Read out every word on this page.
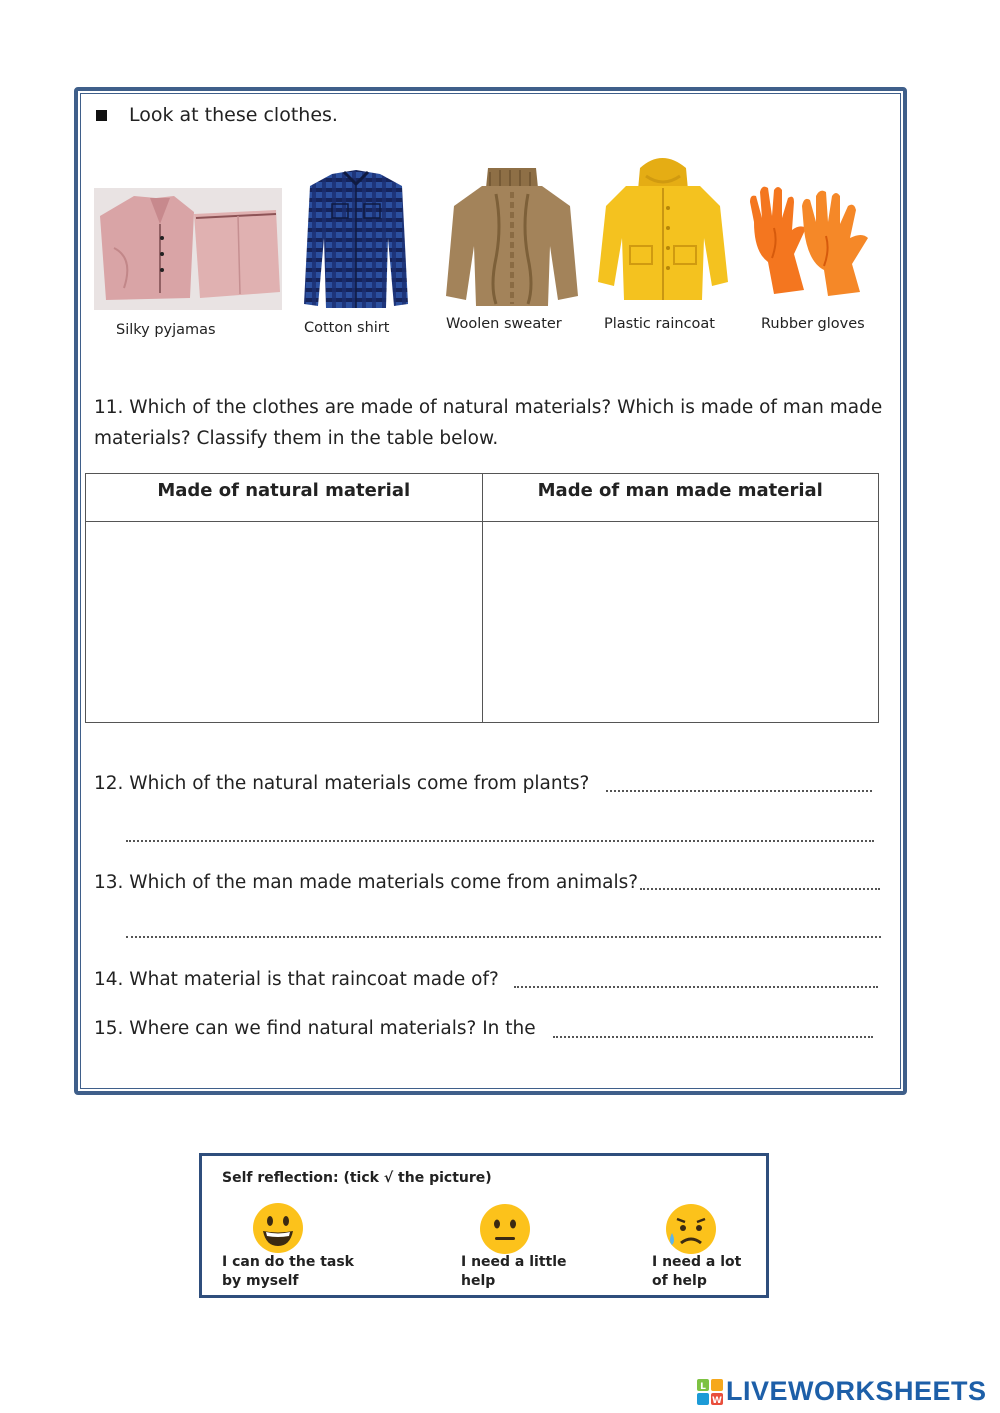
Look at these clothes.
Silky pyjamas	Cotton shirt	Woolen sweater	Plastic raincoat	Rubber gloves
11. Which of the clothes are made of natural materials? Which is made of man made
materials? Classify them in the table below.
Made of natural material	Made of man made material

12. Which of the natural materials come from plants?
13. Which of the man made materials come from animals?
14. What material is that raincoat made of?
15. Where can we find natural materials? In the
Self reflection: (tick √ the picture)
I can do the task
by myself
I need a little
help
I need a lot
of help
L
W LIVEWORKSHEETS
